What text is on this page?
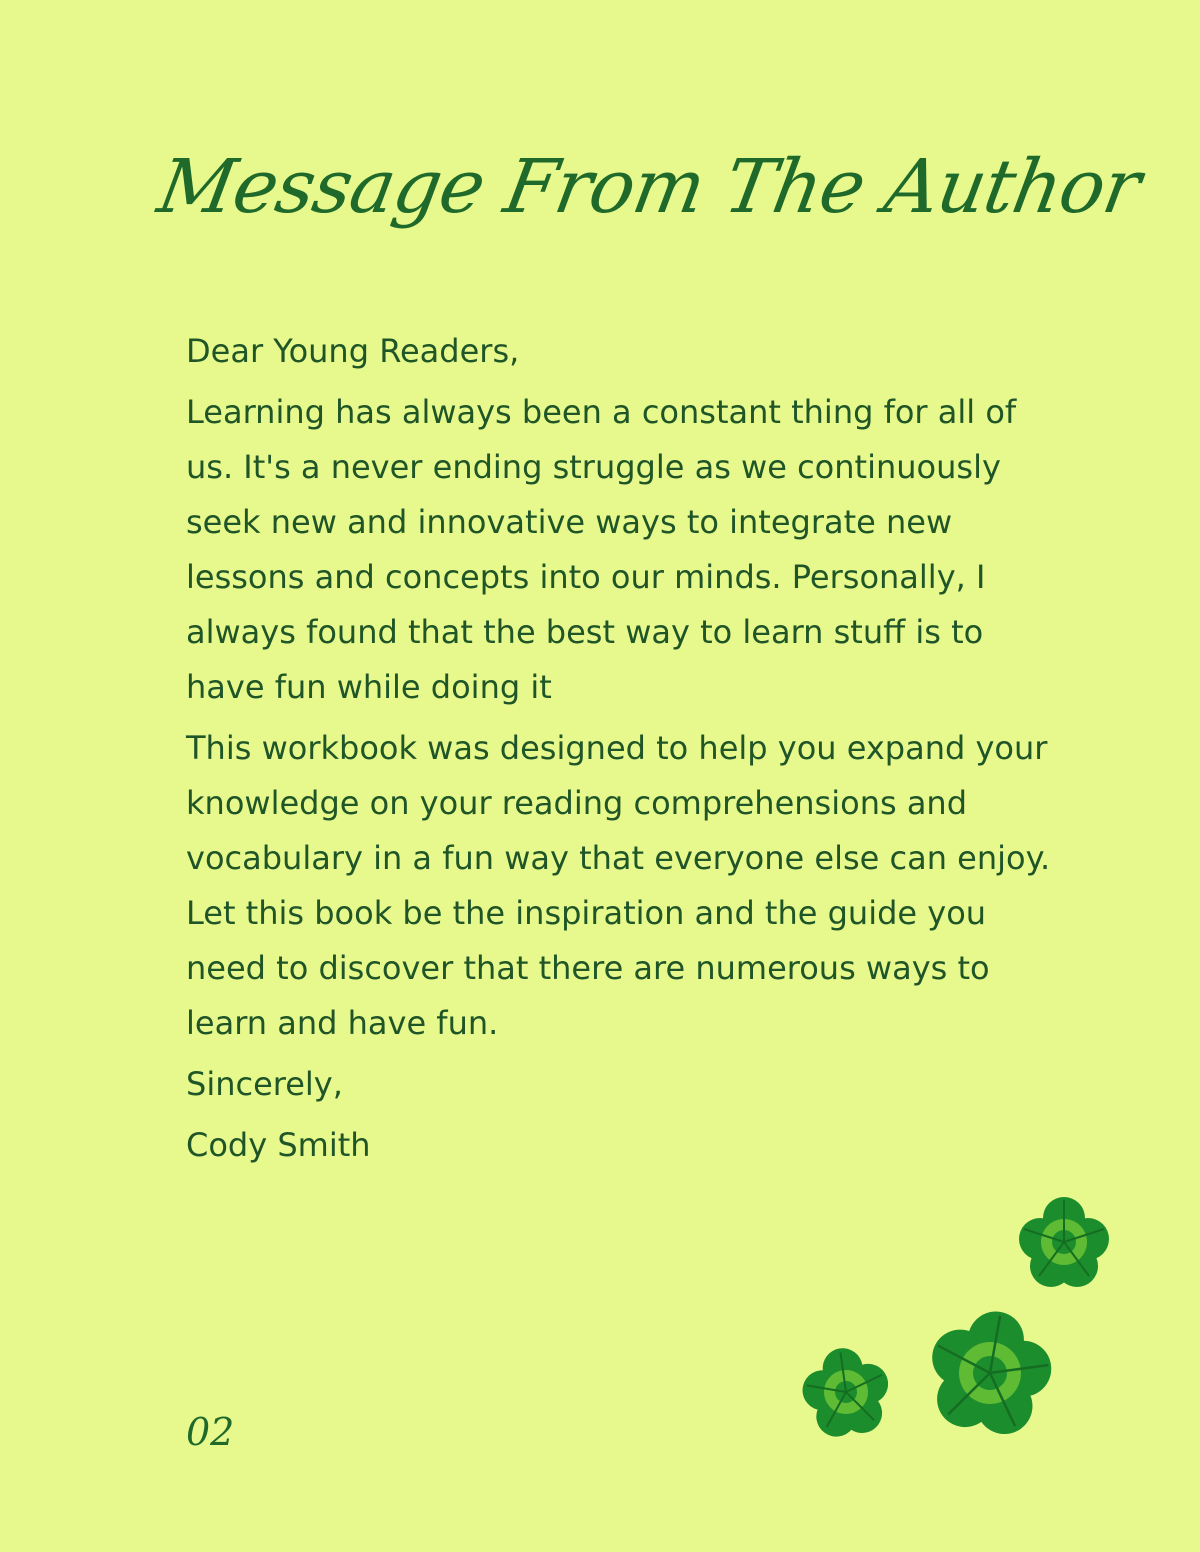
Message From The Author

Dear Young Readers,

Learning has always been a constant thing for all of us. It's a never ending struggle as we continuously seek new and innovative ways to integrate new lessons and concepts into our minds. Personally, I always found that the best way to learn stuff is to have fun while doing it

This workbook was designed to help you expand your knowledge on your reading comprehensions and vocabulary in a fun way that everyone else can enjoy. Let this book be the inspiration and the guide you need to discover that there are numerous ways to learn and have fun.

Sincerely,

Cody Smith

02
